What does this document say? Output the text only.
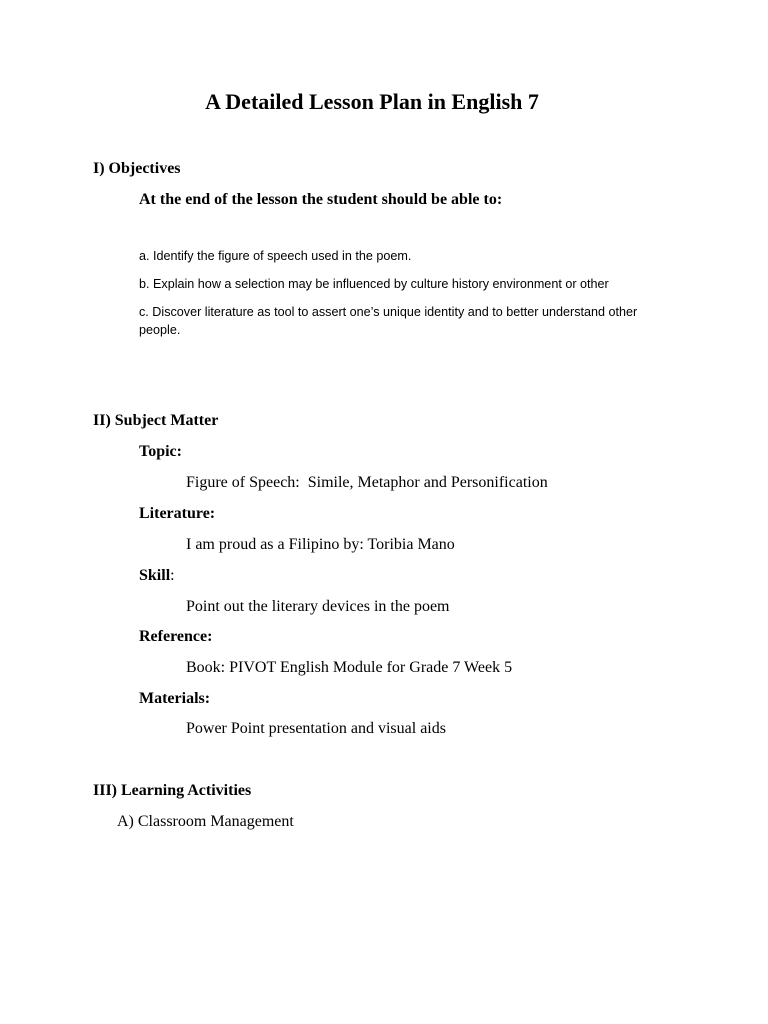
A Detailed Lesson Plan in English 7
I) Objectives
At the end of the lesson the student should be able to:
a. Identify the figure of speech used in the poem.
b. Explain how a selection may be influenced by culture history environment or other
c. Discover literature as tool to assert one’s unique identity and to better understand other people.
II) Subject Matter
Topic:
Figure of Speech:  Simile, Metaphor and Personification
Literature:
I am proud as a Filipino by: Toribia Mano
Skill:
Point out the literary devices in the poem
Reference:
Book: PIVOT English Module for Grade 7 Week 5
Materials:
Power Point presentation and visual aids
III) Learning Activities
A) Classroom Management
